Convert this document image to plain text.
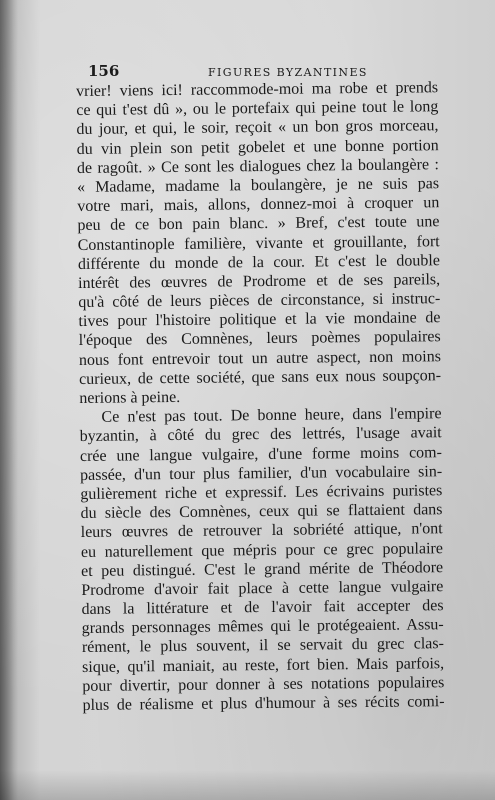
156	FIGURES BYZANTINES

vrier! viens ici! raccommode-moi ma robe et prends
ce qui t'est dû », ou le portefaix qui peine tout le long
du jour, et qui, le soir, reçoit « un bon gros morceau,
du vin plein son petit gobelet et une bonne portion
de ragoût. » Ce sont les dialogues chez la boulangère :
« Madame, madame la boulangère, je ne suis pas
votre mari, mais, allons, donnez-moi à croquer un
peu de ce bon pain blanc. » Bref, c'est toute une
Constantinople familière, vivante et grouillante, fort
différente du monde de la cour. Et c'est le double
intérêt des œuvres de Prodrome et de ses pareils,
qu'à côté de leurs pièces de circonstance, si instruc-
tives pour l'histoire politique et la vie mondaine de
l'époque des Comnènes, leurs poèmes populaires
nous font entrevoir tout un autre aspect, non moins
curieux, de cette société, que sans eux nous soupçon-
nerions à peine.

Ce n'est pas tout. De bonne heure, dans l'empire
byzantin, à côté du grec des lettrés, l'usage avait
crée une langue vulgaire, d'une forme moins com-
passée, d'un tour plus familier, d'un vocabulaire sin-
gulièrement riche et expressif. Les écrivains puristes
du siècle des Comnènes, ceux qui se flattaient dans
leurs œuvres de retrouver la sobriété attique, n'ont
eu naturellement que mépris pour ce grec populaire
et peu distingué. C'est le grand mérite de Théodore
Prodrome d'avoir fait place à cette langue vulgaire
dans la littérature et de l'avoir fait accepter des
grands personnages mêmes qui le protégeaient. Assu-
rément, le plus souvent, il se servait du grec clas-
sique, qu'il maniait, au reste, fort bien. Mais parfois,
pour divertir, pour donner à ses notations populaires
plus de réalisme et plus d'humour à ses récits comi-
